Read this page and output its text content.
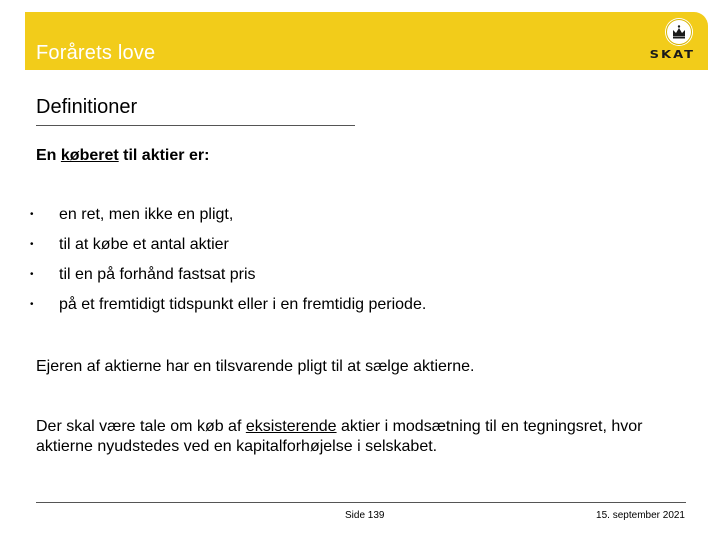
Forårets love	SKAT
Definitioner
En køberet til aktier er:
• en ret, men ikke en pligt,
• til at købe et antal aktier
• til en på forhånd fastsat pris
• på et fremtidigt tidspunkt eller i en fremtidig periode.
Ejeren af aktierne har en tilsvarende pligt til at sælge aktierne.
Der skal være tale om køb af eksisterende aktier i modsætning til en tegningsret, hvor aktierne nyudstedes ved en kapitalforhøjelse i selskabet.
Side 139	15. september 2021
